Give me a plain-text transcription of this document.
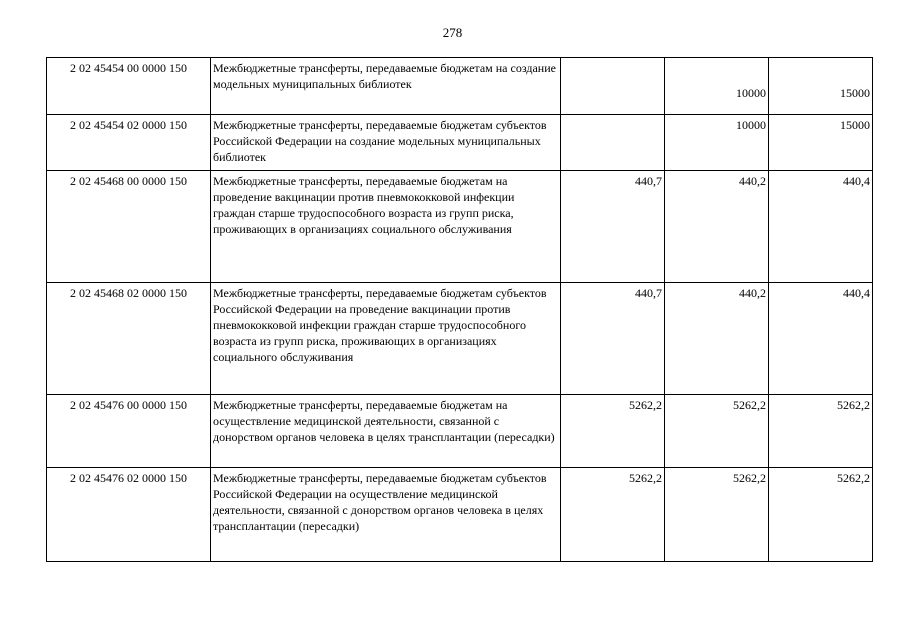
278
2 02 45454 00 0000 150	Межбюджетные трансферты, передаваемые бюджетам на создание модельных муниципальных библиотек		10000	15000
2 02 45454 02 0000 150	Межбюджетные трансферты, передаваемые бюджетам субъектов Российской Федерации на создание модельных муниципальных библиотек		10000	15000
2 02 45468 00 0000 150	Межбюджетные трансферты, передаваемые бюджетам на проведение вакцинации против пневмококковой инфекции граждан старше трудоспособного возраста из групп риска, проживающих в организациях социального обслуживания	440,7	440,2	440,4
2 02 45468 02 0000 150	Межбюджетные трансферты, передаваемые бюджетам субъектов Российской Федерации на проведение вакцинации против пневмококковой инфекции граждан старше трудоспособного возраста из групп риска, проживающих в организациях социального обслуживания	440,7	440,2	440,4
2 02 45476 00 0000 150	Межбюджетные трансферты, передаваемые бюджетам на осуществление медицинской деятельности, связанной с донорством органов человека в целях трансплантации (пересадки)	5262,2	5262,2	5262,2
2 02 45476 02 0000 150	Межбюджетные трансферты, передаваемые бюджетам субъектов Российской Федерации на осуществление медицинской деятельности, связанной с донорством органов человека в целях трансплантации (пересадки)	5262,2	5262,2	5262,2
